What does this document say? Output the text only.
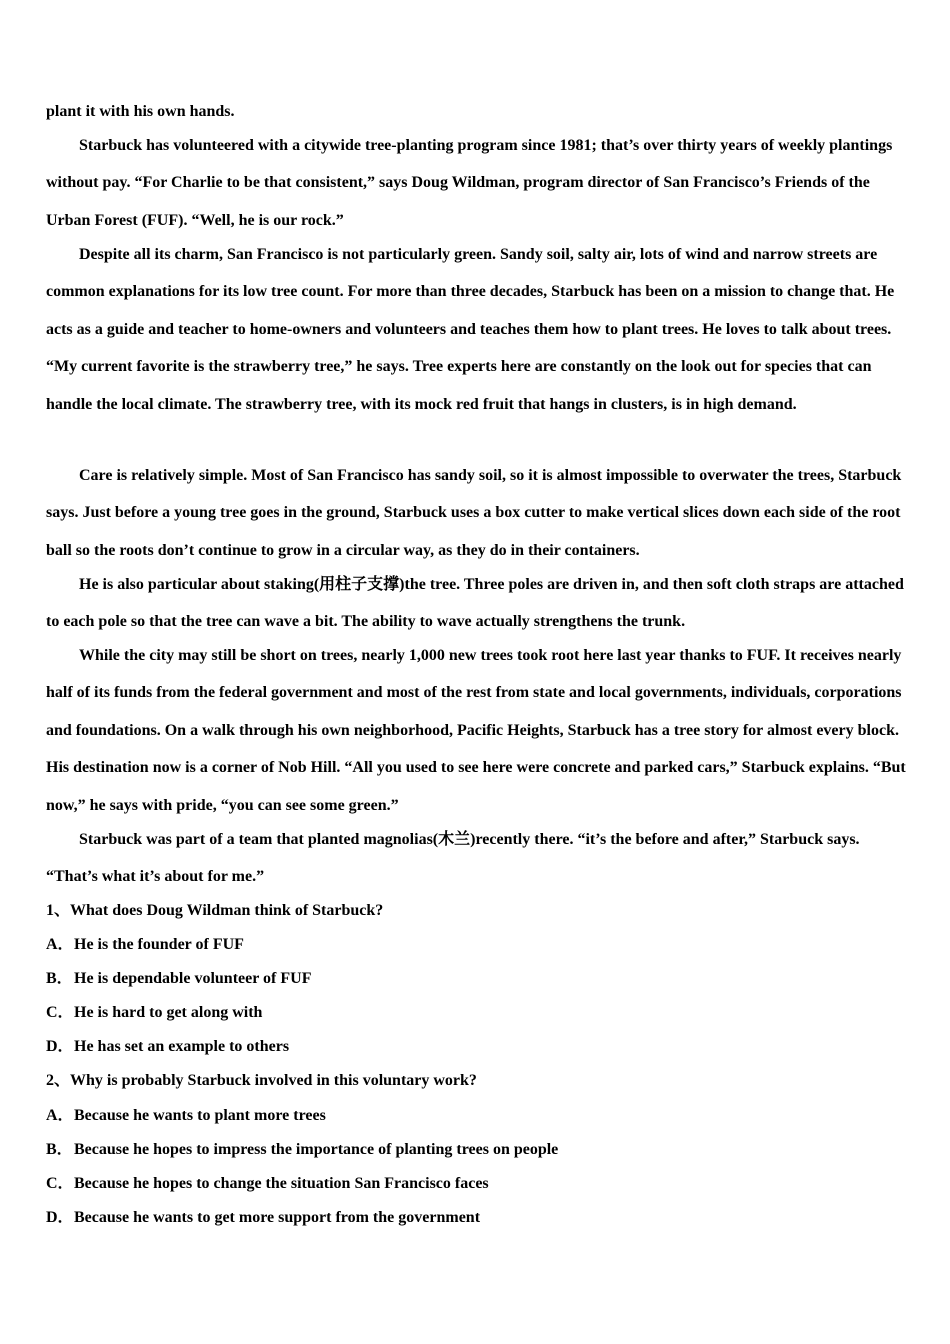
plant it with his own hands.

Starbuck has volunteered with a citywide tree-planting program since 1981; that’s over thirty years of weekly plantings without pay. “For Charlie to be that consistent,” says Doug Wildman, program director of San Francisco’s Friends of the Urban Forest (FUF). “Well, he is our rock.”

Despite all its charm, San Francisco is not particularly green. Sandy soil, salty air, lots of wind and narrow streets are common explanations for its low tree count. For more than three decades, Starbuck has been on a mission to change that. He acts as a guide and teacher to home-owners and volunteers and teaches them how to plant trees. He loves to talk about trees. “My current favorite is the strawberry tree,” he says. Tree experts here are constantly on the look out for species that can handle the local climate. The strawberry tree, with its mock red fruit that hangs in clusters, is in high demand.

Care is relatively simple. Most of San Francisco has sandy soil, so it is almost impossible to overwater the trees, Starbuck says. Just before a young tree goes in the ground, Starbuck uses a box cutter to make vertical slices down each side of the root ball so the roots don’t continue to grow in a circular way, as they do in their containers.

He is also particular about staking(用柱子支撑)the tree. Three poles are driven in, and then soft cloth straps are attached to each pole so that the tree can wave a bit. The ability to wave actually strengthens the trunk.

While the city may still be short on trees, nearly 1,000 new trees took root here last year thanks to FUF. It receives nearly half of its funds from the federal government and most of the rest from state and local governments, individuals, corporations and foundations. On a walk through his own neighborhood, Pacific Heights, Starbuck has a tree story for almost every block. His destination now is a corner of Nob Hill. “All you used to see here were concrete and parked cars,” Starbuck explains. “But now,” he says with pride, “you can see some green.”

Starbuck was part of a team that planted magnolias(木兰)recently there. “it’s the before and after,” Starbuck says. “That’s what it’s about for me.”

1、What does Doug Wildman think of Starbuck?
A．He is the founder of FUF
B．He is dependable volunteer of FUF
C．He is hard to get along with
D．He has set an example to others
2、Why is probably Starbuck involved in this voluntary work?
A．Because he wants to plant more trees
B．Because he hopes to impress the importance of planting trees on people
C．Because he hopes to change the situation San Francisco faces
D．Because he wants to get more support from the government
